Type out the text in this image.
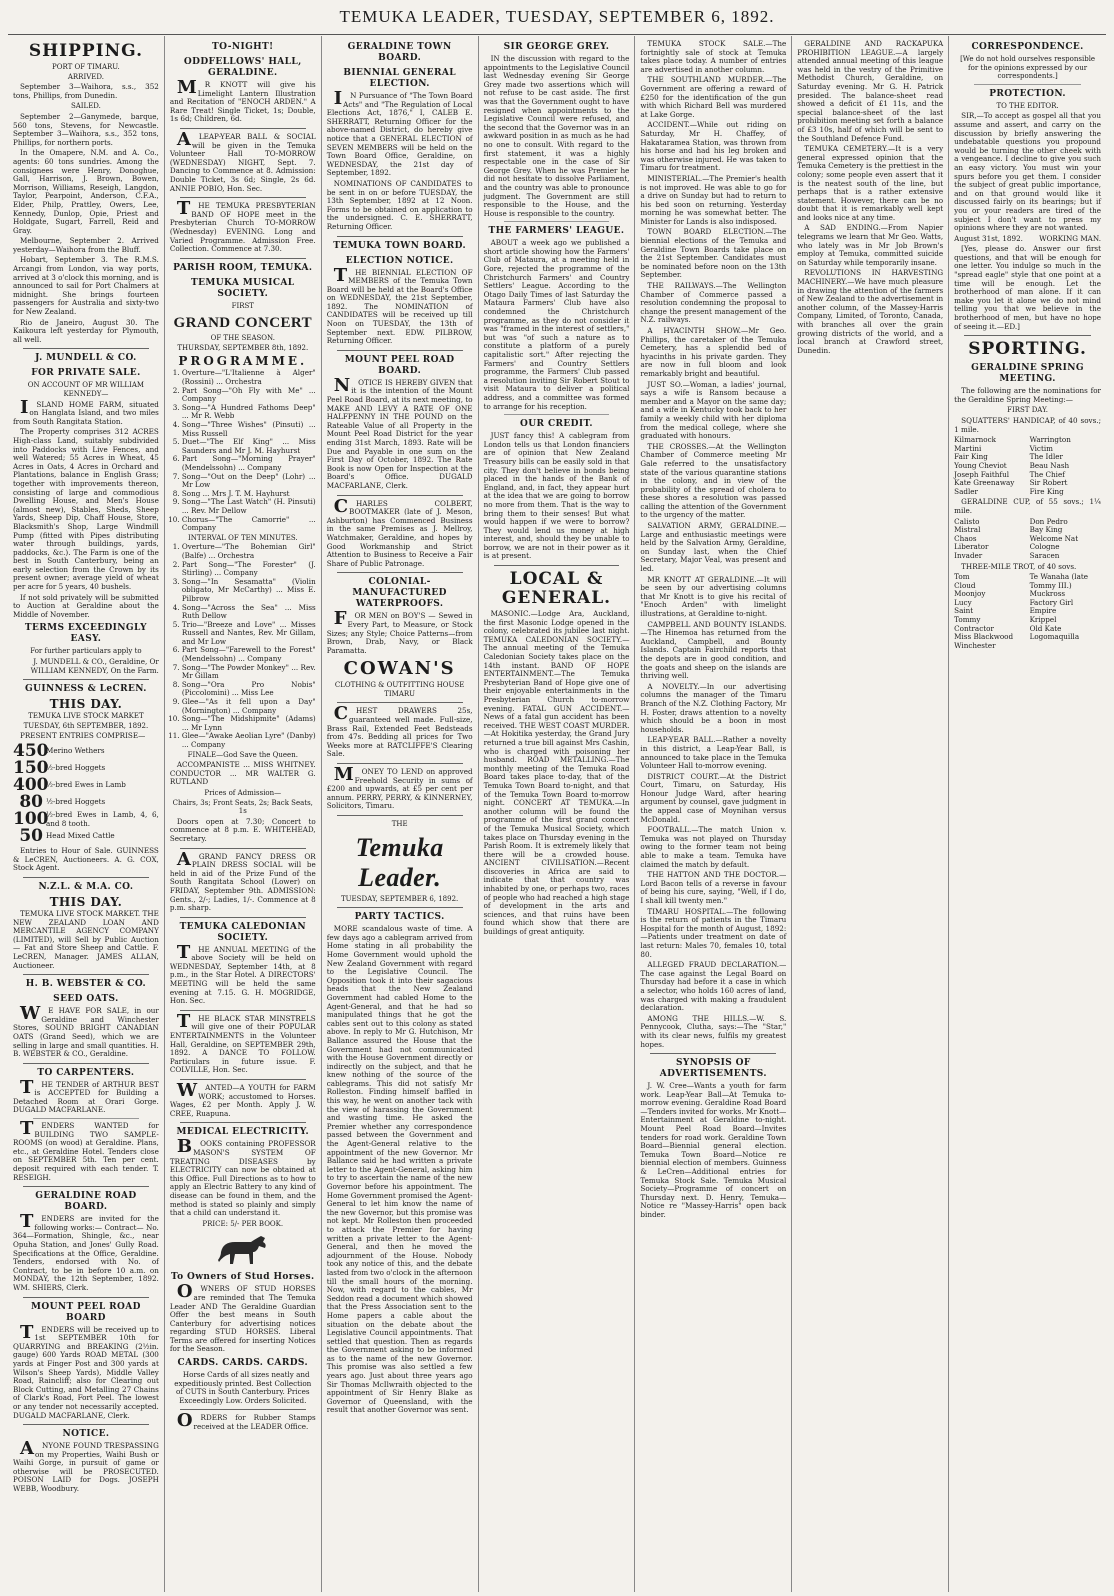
TEMUKA LEADER, TUESDAY, SEPTEMBER 6, 1892.
SHIPPING.
PORT OF TIMARU.
ARRIVED.
September 3—Waihora, s.s., 352 tons, Phillips, from Dunedin.
SAILED.
September 2—Ganymede, barque, 560 tons, Stevens, for Newcastle. September 3—Waihora, s.s., 352 tons, Phillips, for northern ports.
In the Omapere, N.M. and A. Co., agents: 60 tons sundries. Among the consignees were Henry, Donoghue, Gall, Harrison, J. Brown, Bowen, Morrison, Williams, Reseigh, Langdon, Taylor, Pearpoint, Anderson, C.F.A., Elder, Philp, Prattley, Owers, Lee, Kennedy, Dunlop, Opie, Priest and Holdgate, Sugart, Farrell, Reid and Gray.
Melbourne, September 2. Arrived yesterday—Waihora from the Bluff.
Hobart, September 3. The R.M.S. Arcangi from London, via way ports, arrived at 3 o'clock this morning, and is announced to sail for Port Chalmers at midnight. She brings fourteen passengers for Australia and sixty-two for New Zealand.
Rio de Janeiro, August 30. The Kaikoura left yesterday for Plymouth, all well.
J. MUNDELL & CO.
FOR PRIVATE SALE.
ON ACCOUNT OF MR WILLIAM KENNEDY—
ISLAND HOME FARM, situated on Hanglata Island, and two miles from South Rangitata Station.
The Property comprises 312 ACRES High-class Land, suitably subdivided into Paddocks with Live Fences, and well Watered; 55 Acres in Wheat, 45 Acres in Oats, 4 Acres in Orchard and Plantations, balance in English Grass; together with improvements thereon, consisting of large and commodious Dwelling House, and Men's House (almost new), Stables, Sheds, Sheep Yards, Sheep Dip, Chaff House, Store, Blacksmith's Shop, Large Windmill Pump (fitted with Pipes distributing water through buildings, yards, paddocks, &c.). The Farm is one of the best in South Canterbury, being an early selection from the Crown by its present owner; average yield of wheat per acre for 5 years, 40 bushels.
If not sold privately will be submitted to Auction at Geraldine about the Middle of November.
TERMS EXCEEDINGLY EASY.
For further particulars apply to
J. MUNDELL & CO., Geraldine, Or WILLIAM KENNEDY, On the Farm.
GUINNESS & LeCREN.
THIS DAY.
TEMUKA LIVE STOCK MARKET
TUESDAY, 6th SEPTEMBER, 1892.
PRESENT ENTRIES COMPRISE—
450
Merino Wethers
150
½-bred Hoggets
400
½-bred Ewes in Lamb
80 ½-bred Hoggets
100
½-bred Ewes in Lamb, 4, 6, and 8 tooth.
50 Head Mixed Cattle
Entries to Hour of Sale. GUINNESS & LeCREN, Auctioneers. A. G. COX, Stock Agent.
N.Z.L. & M.A. CO.
THIS DAY.
TEMUKA LIVE STOCK MARKET. THE NEW ZEALAND LOAN AND MERCANTILE AGENCY COMPANY (LIMITED), will Sell by Public Auction— Fat and Store Sheep and Cattle. F. LeCREN, Manager. JAMES ALLAN, Auctioneer.
H. B. WEBSTER & CO.
SEED OATS.
WE HAVE FOR SALE, in our Geraldine and Winchester Stores, SOUND BRIGHT CANADIAN OATS (Grand Seed), which we are selling in large and small quantities. H. B. WEBSTER & CO., Geraldine.
TO CARPENTERS.
THE TENDER of ARTHUR BEST is ACCEPTED for Building a Detached Room at Orari Gorge. DUGALD MACFARLANE.
TENDERS WANTED for BUILDING TWO SAMPLE-ROOMS (on wood) at Geraldine. Plans, etc., at Geraldine Hotel. Tenders close on SEPTEMBER 5th. Ten per cent. deposit required with each tender. T. RESEIGH.
GERALDINE ROAD BOARD.
TENDERS are invited for the following works:— Contract— No. 364—Formation, Shingle, &c., near Opuha Station, and Jones' Gully Road. Specifications at the Office, Geraldine. Tenders, endorsed with No. of Contract, to be in before 10 a.m. on MONDAY, the 12th September, 1892. WM. SHIERS, Clerk.
MOUNT PEEL ROAD BOARD
TENDERS will be received up to 1st SEPTEMBER 10th for QUARRYING and BREAKING (2½in. gauge) 600 Yards ROAD METAL (300 yards at Finger Post and 300 yards at Wilson's Sheep Yards), Middle Valley Road, Raincliff; also for Clearing out Block Cutting, and Metalling 27 Chains of Clark's Road, Fort Peel. The lowest or any tender not necessarily accepted. DUGALD MACFARLANE, Clerk.
NOTICE.
ANYONE FOUND TRESPASSING on my Properties, Waihi Bush or Waihi Gorge, in pursuit of game or otherwise will be PROSECUTED. POISON LAID for Dogs. JOSEPH WEBB, Woodbury.
TO-NIGHT!
ODDFELLOWS' HALL, GERALDINE.
MR KNOTT will give his Limelight Lantern Illustration and Recitation of "ENOCH ARDEN." A Rare Treat! Single Ticket, 1s; Double, 1s 6d; Children, 6d.
ALEAP-YEAR BALL & SOCIAL will be given in the Temuka Volunteer Hall TO-MORROW (WEDNESDAY) NIGHT, Sept. 7. Dancing to Commence at 8. Admission: Double Ticket, 3s 6d; Single, 2s 6d. ANNIE POBIO, Hon. Sec.
THE TEMUKA PRESBYTERIAN BAND OF HOPE meet in the Presbyterian Church TO-MORROW (Wednesday) EVENING. Long and Varied Programme. Admission Free. Collection. Commence at 7.30.
PARISH ROOM, TEMUKA.
TEMUKA MUSICAL SOCIETY.
FIRST
GRAND CONCERT
OF THE SEASON.
THURSDAY, SEPTEMBER 8th, 1892.
PROGRAMME.
1. Overture—"L'Italienne à Alger" (Rossini) ... Orchestra
2. Part Song—"Oh Fly with Me" ... Company
3. Song—"A Hundred Fathoms Deep" ... Mr R. Webb
4. Song—"Three Wishes" (Pinsuti) ... Miss Russell
5. Duet—"The Elf King" ... Miss Saunders and Mr J. M. Hayhurst
6. Part Song—"Morning Prayer" (Mendelssohn) ... Company
7. Song—"Out on the Deep" (Lohr) ... Mr Low
8. Song ... Mrs J. T. M. Hayhurst
9. Song—"The Last Watch" (H. Pinsuti) ... Rev. Mr Dellow
10. Chorus—"The Camorrie" ... Company
INTERVAL OF TEN MINUTES.
1. Overture—"The Bohemian Girl" (Balfe) ... Orchestra
2. Part Song—"The Forester" (J. Stirling) ... Company
3. Song—"In Sesamatta" (Violin obligato, Mr McCarthy) ... Miss E. Pilbrow
4. Song—"Across the Sea" ... Miss Ruth Dellow
5. Trio—"Breeze and Love" ... Misses Russell and Nantes, Rev. Mr Gillam, and Mr Low
6. Part Song—"Farewell to the Forest" (Mendelssohn) ... Company
7. Song—"The Powder Monkey" ... Rev. Mr Gillam
8. Song—"Ora Pro Nobis" (Piccolomini) ... Miss Lee
9. Glee—"As it fell upon a Day" (Mornington) ... Company
10. Song—"The Midshipmite" (Adams) ... Mr Lynn
11. Glee—"Awake Aeolian Lyre" (Danby) ... Company
FINALE—God Save the Queen.
ACCOMPANISTE ... MISS WHITNEY. CONDUCTOR ... MR WALTER G. RUTLAND
Prices of Admission—
Chairs, 3s; Front Seats, 2s; Back Seats, 1s
Doors open at 7.30; Concert to commence at 8 p.m. E. WHITEHEAD, Secretary.
AGRAND FANCY DRESS OR PLAIN DRESS SOCIAL will be held in aid of the Prize Fund of the South Rangitata School (Lower) on FRIDAY, September 9th. ADMISSION: Gents., 2/-; Ladies, 1/-. Commence at 8 p.m. sharp.
TEMUKA CALEDONIAN SOCIETY.
THE ANNUAL MEETING of the above Society will be held on WEDNESDAY, September 14th, at 8 p.m., in the Star Hotel. A DIRECTORS' MEETING will be held the same evening at 7.15. G. H. MOGRIDGE, Hon. Sec.
THE BLACK STAR MINSTRELS will give one of their POPULAR ENTERTAINMENTS in the Volunteer Hall, Geraldine, on SEPTEMBER 29th, 1892. A DANCE TO FOLLOW. Particulars in future issue. F. COLVILLE, Hon. Sec.
WANTED—A YOUTH for FARM WORK; accustomed to Horses. Wages, £2 per Month. Apply J. W. CREE, Ruapuna.
MEDICAL ELECTRICITY.
BOOKS containing PROFESSOR MASON'S SYSTEM OF TREATING DISEASES by ELECTRICITY can now be obtained at this Office. Full Directions as to how to apply an Electric Battery to any kind of disease can be found in them, and the method is stated so plainly and simply that a child can understand it.
PRICE: 5/- PER BOOK.
To Owners of Stud Horses.
OWNERS OF STUD HORSES are reminded that The Temuka Leader AND The Geraldine Guardian Offer the best means in South Canterbury for advertising notices regarding STUD HORSES. Liberal Terms are offered for inserting Notices for the Season.
CARDS. CARDS. CARDS.
Horse Cards of all sizes neatly and expeditiously printed. Best Collection of CUTS in South Canterbury. Prices Exceedingly Low. Orders Solicited.
ORDERS for Rubber Stamps received at the LEADER Office.
GERALDINE TOWN BOARD.
BIENNIAL GENERAL ELECTION.
IN Pursuance of "The Town Board Acts" and "The Regulation of Local Elections Act, 1876," I, CALEB E. SHERRATT, Returning Officer for the above-named District, do hereby give notice that a GENERAL ELECTION of SEVEN MEMBERS will be held on the Town Board Office, Geraldine, on WEDNESDAY, the 21st day of September, 1892.
NOMINATIONS OF CANDIDATES to be sent in on or before TUESDAY, the 13th September, 1892 at 12 Noon. Forms to be obtained on application to the undersigned. C. E. SHERRATT, Returning Officer.
TEMUKA TOWN BOARD.
ELECTION NOTICE.
THE BIENNIAL ELECTION OF MEMBERS of the Temuka Town Board will be held at the Board's Office on WEDNESDAY, the 21st September, 1892. The NOMINATION of CANDIDATES will be received up till Noon on TUESDAY, the 13th of September next. EDW. PILBROW, Returning Officer.
MOUNT PEEL ROAD BOARD.
NOTICE IS HEREBY GIVEN that it is the intention of the Mount Peel Road Board, at its next meeting, to MAKE AND LEVY A RATE OF ONE HALFPENNY IN THE POUND on the Rateable Value of all Property in the Mount Peel Road District for the year ending 31st March, 1893. Rate will be Due and Payable in one sum on the First Day of October, 1892. The Rate Book is now Open for Inspection at the Board's Office. DUGALD MACFARLANE, Clerk.
CHARLES COLBERT, BOOTMAKER (late of J. Meson, Ashburton) has Commenced Business in the same Premises as J. Mellroy, Watchmaker, Geraldine, and hopes by Good Workmanship and Strict Attention to Business to Receive a Fair Share of Public Patronage.
COLONIAL-MANUFACTURED WATERPROOFS.
FOR MEN on BOY'S — Sewed in Every Part, to Measure, or Stock Sizes; any Style; Choice Patterns—from Brown, Drab, Navy, or Black Paramatta.
COWAN'S
CLOTHING & OUTFITTING HOUSE TIMARU
CHEST DRAWERS 25s, guaranteed well made. Full-size, Brass Rail, Extended Feet Bedsteads from 47s. Bedding all prices for Two Weeks more at RATCLIFFE'S Clearing Sale.
MONEY TO LEND on approved Freehold Security in sums of £200 and upwards, at £5 per cent per annum. PERRY, PERRY, & KINNERNEY, Solicitors, Timaru.
THE
Temuka Leader.
TUESDAY, SEPTEMBER 6, 1892.
PARTY TACTICS.
MORE scandalous waste of time. A few days ago a cablegram arrived from Home stating in all probability the Home Government would uphold the New Zealand Government with regard to the Legislative Council. The Opposition took it into their sagacious heads that the New Zealand Government had cabled Home to the Agent-General, and that he had so manipulated things that he got the cables sent out to this colony as stated above. In reply to Mr G. Hutchison, Mr Ballance assured the House that the Government had not communicated with the House Government directly or indirectly on the subject, and that he knew nothing of the source of the cablegrams. This did not satisfy Mr Rolleston. Finding himself baffled in this way, he went on another tack with the view of harassing the Government and wasting time. He asked the Premier whether any correspondence passed between the Government and the Agent-General relative to the appointment of the new Governor. Mr Ballance said he had written a private letter to the Agent-General, asking him to try to ascertain the name of the new Governor before his appointment. The Home Government promised the Agent-General to let him know the name of the new Governor, but this promise was not kept. Mr Rolleston then proceeded to attack the Premier for having written a private letter to the Agent-General, and then he moved the adjournment of the House. Nobody took any notice of this, and the debate lasted from two o'clock in the afternoon till the small hours of the morning. Now, with regard to the cables, Mr Seddon read a document which showed that the Press Association sent to the Home papers a cable about the situation on the debate about the Legislative Council appointments. That settled that question. Then as regards the Government asking to be informed as to the name of the new Governor. This promise was also settled a few years ago. Just about three years ago Sir Thomas McIlwraith objected to the appointment of Sir Henry Blake as Governor of Queensland, with the result that another Governor was sent.
SIR GEORGE GREY.
IN the discussion with regard to the appointments to the Legislative Council last Wednesday evening Sir George Grey made two assertions which will not refuse to be cast aside. The first was that the Government ought to have resigned when appointments to the Legislative Council were refused, and the second that the Governor was in an awkward position in as much as he had no one to consult. With regard to the first statement, it was a highly respectable one in the case of Sir George Grey. When he was Premier he did not hesitate to dissolve Parliament, and the country was able to pronounce judgment. The Government are still responsible to the House, and the House is responsible to the country.
THE FARMERS' LEAGUE.
ABOUT a week ago we published a short article showing how the Farmers' Club of Mataura, at a meeting held in Gore, rejected the programme of the Christchurch Farmers' and Country Settlers' League. According to the Otago Daily Times of last Saturday the Mataura Farmers' Club have also condemned the Christchurch programme, as they do not consider it was "framed in the interest of settlers," but was "of such a nature as to constitute a platform of a purely capitalistic sort." After rejecting the Farmers' and Country Settlers programme, the Farmers' Club passed a resolution inviting Sir Robert Stout to visit Mataura to deliver a political address, and a committee was formed to arrange for his reception.
OUR CREDIT.
JUST fancy this! A cablegram from London tells us that London financiers are of opinion that New Zealand Treasury bills can be easily sold in that city. They don't believe in bonds being placed in the hands of the Bank of England, and, in fact, they appear hurt at the idea that we are going to borrow no more from them. That is the way to bring them to their senses! But what would happen if we were to borrow? They would lend us money at high interest, and, should they be unable to borrow, we are not in their power as it is at present.
LOCAL & GENERAL.
MASONIC.—Lodge Ara, Auckland, the first Masonic Lodge opened in the colony, celebrated its jubilee last night. TEMUKA CALEDONIAN SOCIETY.—The annual meeting of the Temuka Caledonian Society takes place on the 14th instant. BAND OF HOPE ENTERTAINMENT.—The Temuka Presbyterian Band of Hope give one of their enjoyable entertainments in the Presbyterian Church to-morrow evening. FATAL GUN ACCIDENT.—News of a fatal gun accident has been received. THE WEST COAST MURDER.—At Hokitika yesterday, the Grand Jury returned a true bill against Mrs Cashin, who is charged with poisoning her husband. ROAD METALLING.—The monthly meeting of the Temuka Road Board takes place to-day, that of the Temuka Town Board to-night, and that of the Temuka Town Board to-morrow night. CONCERT AT TEMUKA.—In another column will be found the programme of the first grand concert of the Temuka Musical Society, which takes place on Thursday evening in the Parish Room. It is extremely likely that there will be a crowded house. ANCIENT CIVILISATION.—Recent discoveries in Africa are said to indicate that that country was inhabited by one, or perhaps two, races of people who had reached a high stage of development in the arts and sciences, and that ruins have been found which show that there are buildings of great antiquity.
TEMUKA STOCK SALE.—The fortnightly sale of stock at Temuka takes place today. A number of entries are advertised in another column.
THE SOUTHLAND MURDER.—The Government are offering a reward of £250 for the identification of the gun with which Richard Bell was murdered at Lake Gorge.
ACCIDENT.—While out riding on Saturday, Mr H. Chaffey, of Hakataramea Station, was thrown from his horse and had his leg broken and was otherwise injured. He was taken to Timaru for treatment.
MINISTERIAL.—The Premier's health is not improved. He was able to go for a drive on Sunday but had to return to his bed soon on returning. Yesterday morning he was somewhat better. The Minister for Lands is also indisposed.
TOWN BOARD ELECTION.—The biennial elections of the Temuka and Geraldine Town Boards take place on the 21st September. Candidates must be nominated before noon on the 13th September.
THE RAILWAYS.—The Wellington Chamber of Commerce passed a resolution condemning the proposal to change the present management of the N.Z. railways.
A HYACINTH SHOW.—Mr Geo. Phillips, the caretaker of the Temuka Cemetery, has a splendid bed of hyacinths in his private garden. They are now in full bloom and look remarkably bright and beautiful.
JUST SO.—Woman, a ladies' journal, says a wife is Ransom because a member and a Mayor on the same day; and a wife in Kentucky took back to her family a weekly child with her diploma from the medical college, where she graduated with honours.
THE CROSSES.—At the Wellington Chamber of Commerce meeting Mr Gale referred to the unsatisfactory state of the various quarantine stations in the colony, and in view of the probability of the spread of cholera to these shores a resolution was passed calling the attention of the Government to the urgency of the matter.
SALVATION ARMY, GERALDINE.—Large and enthusiastic meetings were held by the Salvation Army, Geraldine, on Sunday last, when the Chief Secretary, Major Veal, was present and led.
MR KNOTT AT GERALDINE.—It will be seen by our advertising columns that Mr Knott is to give his recital of "Enoch Arden" with limelight illustrations, at Geraldine to-night.
CAMPBELL AND BOUNTY ISLANDS.—The Hinemoa has returned from the Auckland, Campbell, and Bounty Islands. Captain Fairchild reports that the depots are in good condition, and the goats and sheep on the islands are thriving well.
A NOVELTY.—In our advertising columns the manager of the Timaru Branch of the N.Z. Clothing Factory, Mr H. Foster, draws attention to a novelty which should be a boon in most households.
LEAP-YEAR BALL.—Rather a novelty in this district, a Leap-Year Ball, is announced to take place in the Temuka Volunteer Hall to-morrow evening.
DISTRICT COURT.—At the District Court, Timaru, on Saturday, His Honour Judge Ward, after hearing argument by counsel, gave judgment in the appeal case of Moynihan versus McDonald.
FOOTBALL.—The match Union v. Temuka was not played on Thursday owing to the former team not being able to make a team. Temuka have claimed the match by default.
THE HATTON AND THE DOCTOR.—Lord Bacon tells of a reverse in favour of being his cure, saying, "Well, if I do, I shall kill twenty men."
TIMARU HOSPITAL.—The following is the return of patients in the Timaru Hospital for the month of August, 1892:—Patients under treatment on date of last return: Males 70, females 10, total 80.
ALLEGED FRAUD DECLARATION.—The case against the Legal Board on Thursday had before it a case in which a selector, who holds 160 acres of land, was charged with making a fraudulent declaration.
AMONG THE HILLS.—W. S. Pennycook, Clutha, says:—The "Star," with its clear news, fulfils my greatest hopes.
SYNOPSIS OF ADVERTISEMENTS.
J. W. Cree—Wants a youth for farm work. Leap-Year Ball—At Temuka to-morrow evening. Geraldine Road Board—Tenders invited for works. Mr Knott—Entertainment at Geraldine to-night. Mount Peel Road Board—Invites tenders for road work. Geraldine Town Board—Biennial general election. Temuka Town Board—Notice re biennial election of members. Guinness & LeCren—Additional entries for Temuka Stock Sale. Temuka Musical Society—Programme of concert on Thursday next. D. Henry, Temuka—Notice re "Massey-Harris" open back binder.
GERALDINE AND RACKAPUKA PROHIBITION LEAGUE.—A largely attended annual meeting of this league was held in the vestry of the Primitive Methodist Church, Geraldine, on Saturday evening. Mr G. H. Patrick presided. The balance-sheet read showed a deficit of £1 11s, and the special balance-sheet of the last prohibition meeting set forth a balance of £3 10s, half of which will be sent to the Southland Defence Fund.
TEMUKA CEMETERY.—It is a very general expressed opinion that the Temuka Cemetery is the prettiest in the colony; some people even assert that it is the neatest south of the line, but perhaps that is a rather extensive statement. However, there can be no doubt that it is remarkably well kept and looks nice at any time.
A SAD ENDING.—From Napier telegrams we learn that Mr Geo. Watts, who lately was in Mr Job Brown's employ at Temuka, committed suicide on Saturday while temporarily insane.
REVOLUTIONS IN HARVESTING MACHINERY.—We have much pleasure in drawing the attention of the farmers of New Zealand to the advertisement in another column, of the Massey-Harris Company, Limited, of Toronto, Canada, with branches all over the grain growing districts of the world, and a local branch at Crawford street, Dunedin.
CORRESPONDENCE.
[We do not hold ourselves responsible for the opinions expressed by our correspondents.]
PROTECTION.
TO THE EDITOR.
SIR,—To accept as gospel all that you assume and assert, and carry on the discussion by briefly answering the undebatable questions you propound would be turning the other cheek with a vengeance. I decline to give you such an easy victory. You must win your spurs before you get them. I consider the subject of great public importance, and on that ground would like it discussed fairly on its bearings; but if you or your readers are tired of the subject I don't want to press my opinions where they are not wanted.
August 31st, 1892. WORKING MAN.
[Yes, please do. Answer our first questions, and that will be enough for one letter. You indulge so much in the "spread eagle" style that one point at a time will be enough. Let the brotherhood of man alone. If it can make you let it alone we do not mind telling you that we believe in the brotherhood of men, but have no hope of seeing it.—ED.]
SPORTING.
GERALDINE SPRING MEETING.
The following are the nominations for the Geraldine Spring Meeting:—
FIRST DAY.
SQUATTERS' HANDICAP, of 40 sovs.; 1 mile.
Kilmarnock	Warrington
Martini	Victim
Fair King	The Idler
Young Cheviot	Beau Nash
Joseph Faithful	The Chief
Kate Greenaway	Sir Robert
Sadler	Fire King
GERALDINE CUP, of 55 sovs.; 1¼ mile.
Calisto	Don Pedro
Mistral	Bay King
Chaos	Welcome Nat
Liberator	Cologne
Invader	Saracen
THREE-MILE TROT, of 40 sovs.
Tom	Te Wanaha (late
Cloud	Tommy III.)
Moonjoy	Muckross
Lucy	Factory Girl
Saint	Empire
Tommy	Krippel
Contractor	Old Kate
Miss Blackwood	Logomaquilla
Winchester
